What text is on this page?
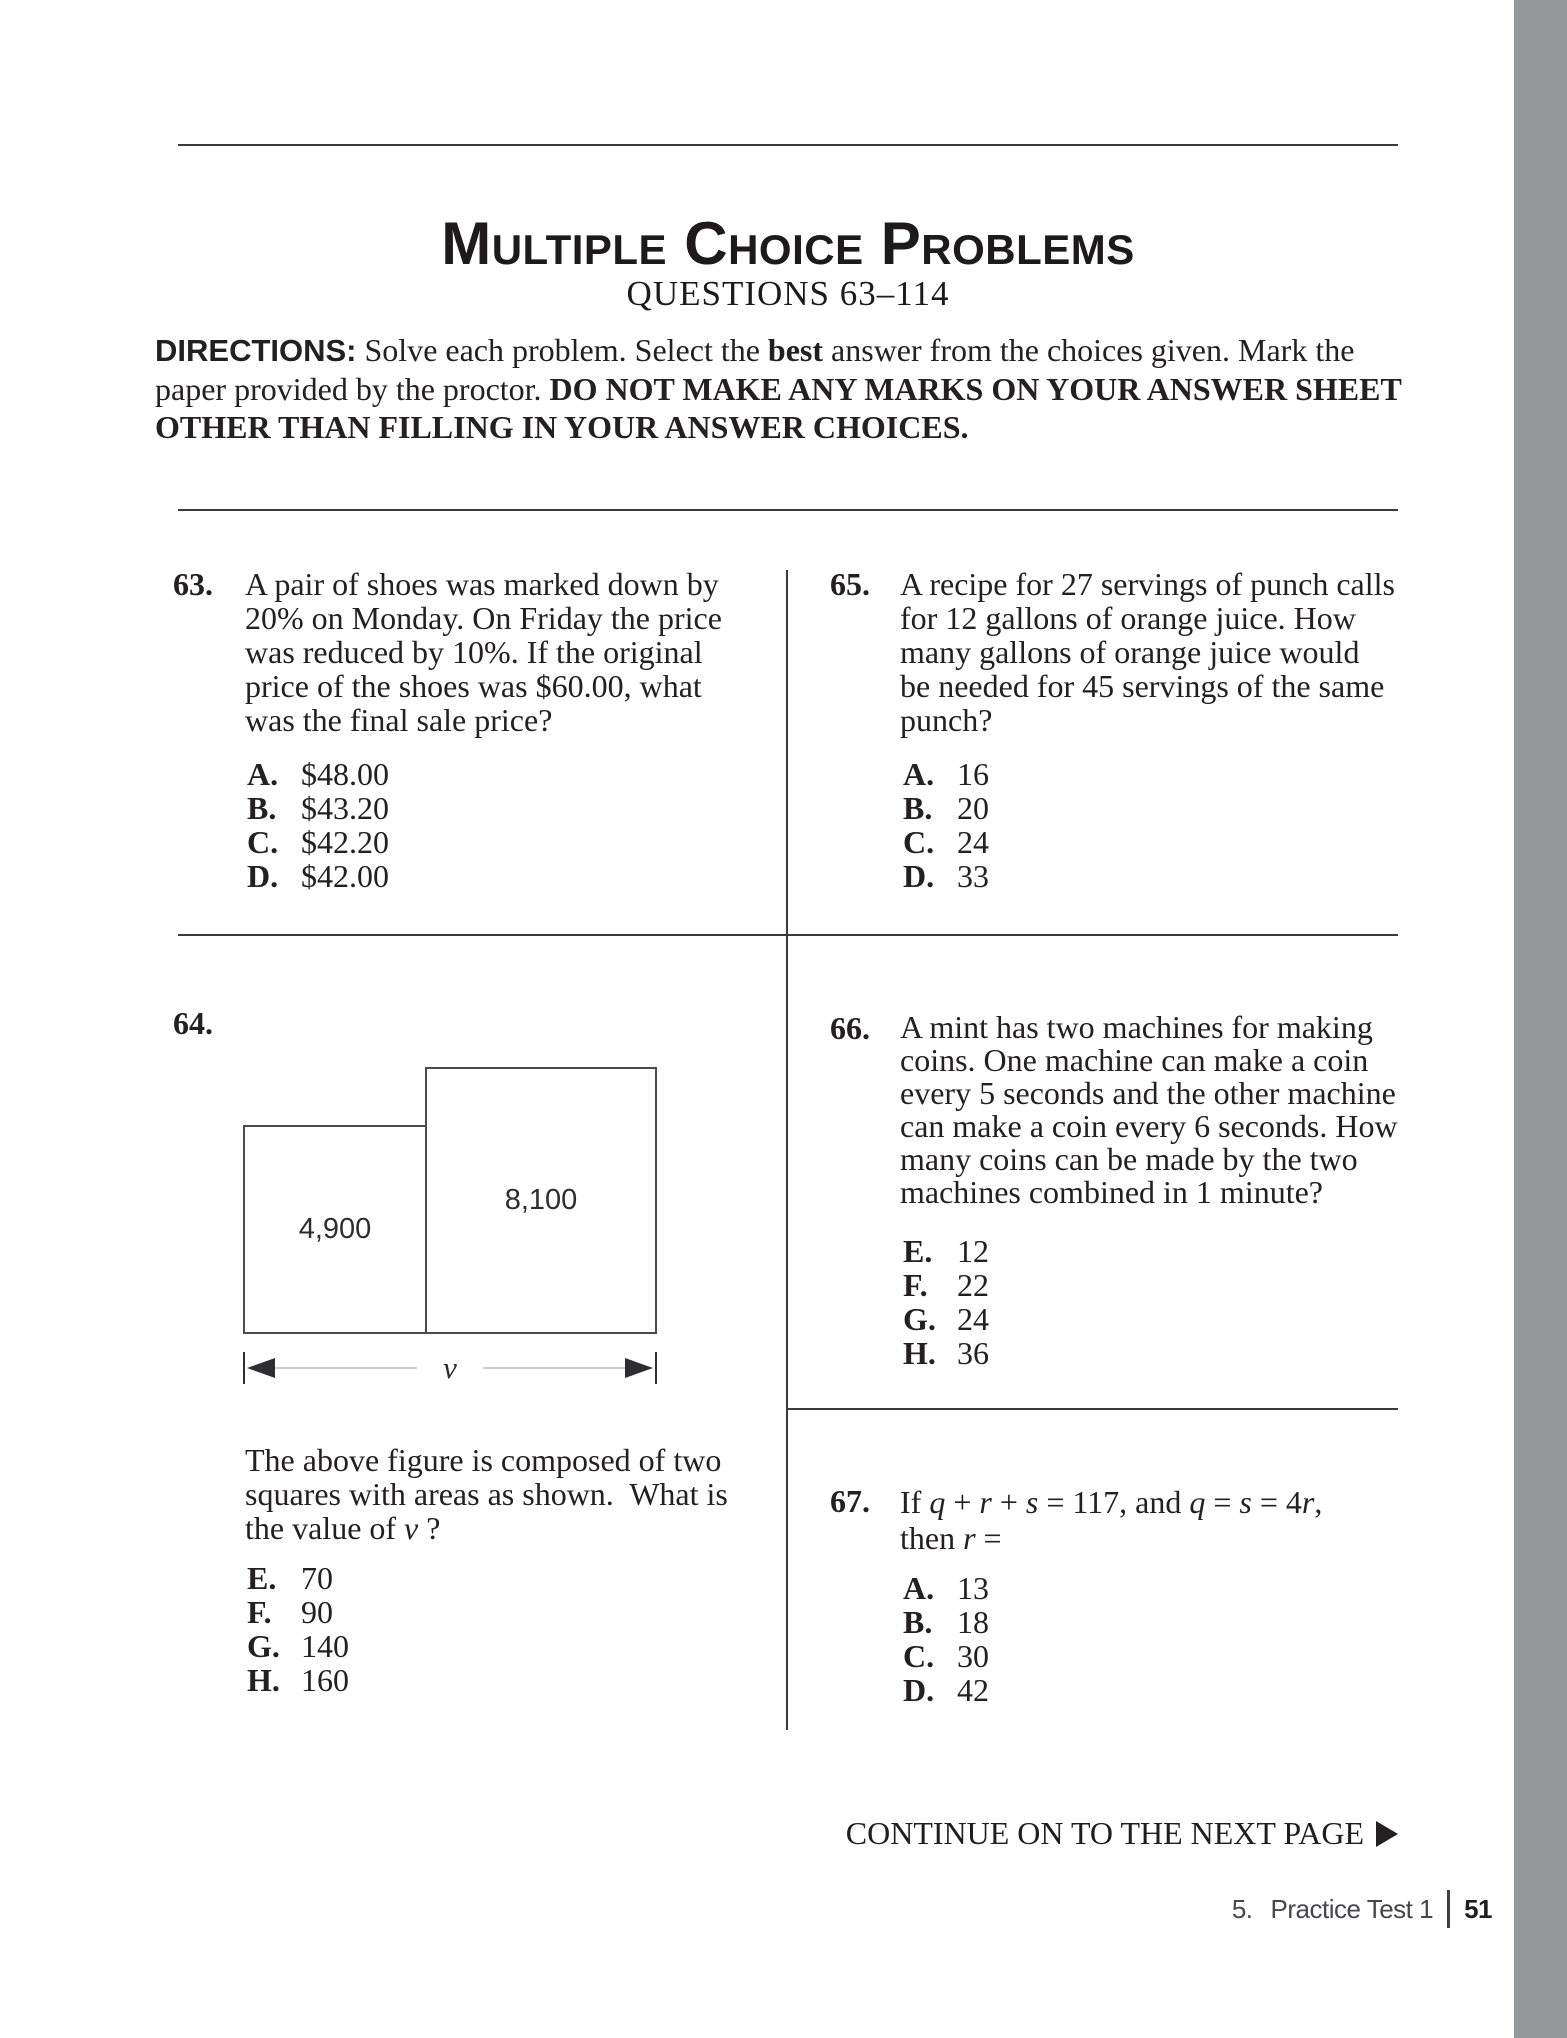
Multiple Choice Problems
QUESTIONS 63–114

DIRECTIONS: Solve each problem. Select the best answer from the choices given. Mark the
paper provided by the proctor. DO NOT MAKE ANY MARKS ON YOUR ANSWER SHEET
OTHER THAN FILLING IN YOUR ANSWER CHOICES.

63. A pair of shoes was marked down by
20% on Monday. On Friday the price
was reduced by 10%. If the original
price of the shoes was $60.00, what
was the final sale price?
A. $48.00
B. $43.20
C. $42.20
D. $42.00
65. A recipe for 27 servings of punch calls
for 12 gallons of orange juice. How
many gallons of orange juice would
be needed for 45 servings of the same
punch?
A. 16
B. 20
C. 24
D. 33
64.
4,900
8,100
v
The above figure is composed of two
squares with areas as shown.  What is
the value of v ?
E. 70
F. 90
G. 140
H. 160
66. A mint has two machines for making
coins. One machine can make a coin
every 5 seconds and the other machine
can make a coin every 6 seconds. How
many coins can be made by the two
machines combined in 1 minute?
E. 12
F. 22
G. 24
H. 36
67. If q + r + s = 117, and q = s = 4r,
then r =
A. 13
B. 18
C. 30
D. 42
CONTINUE ON TO THE NEXT PAGE
5. Practice Test 1 51
